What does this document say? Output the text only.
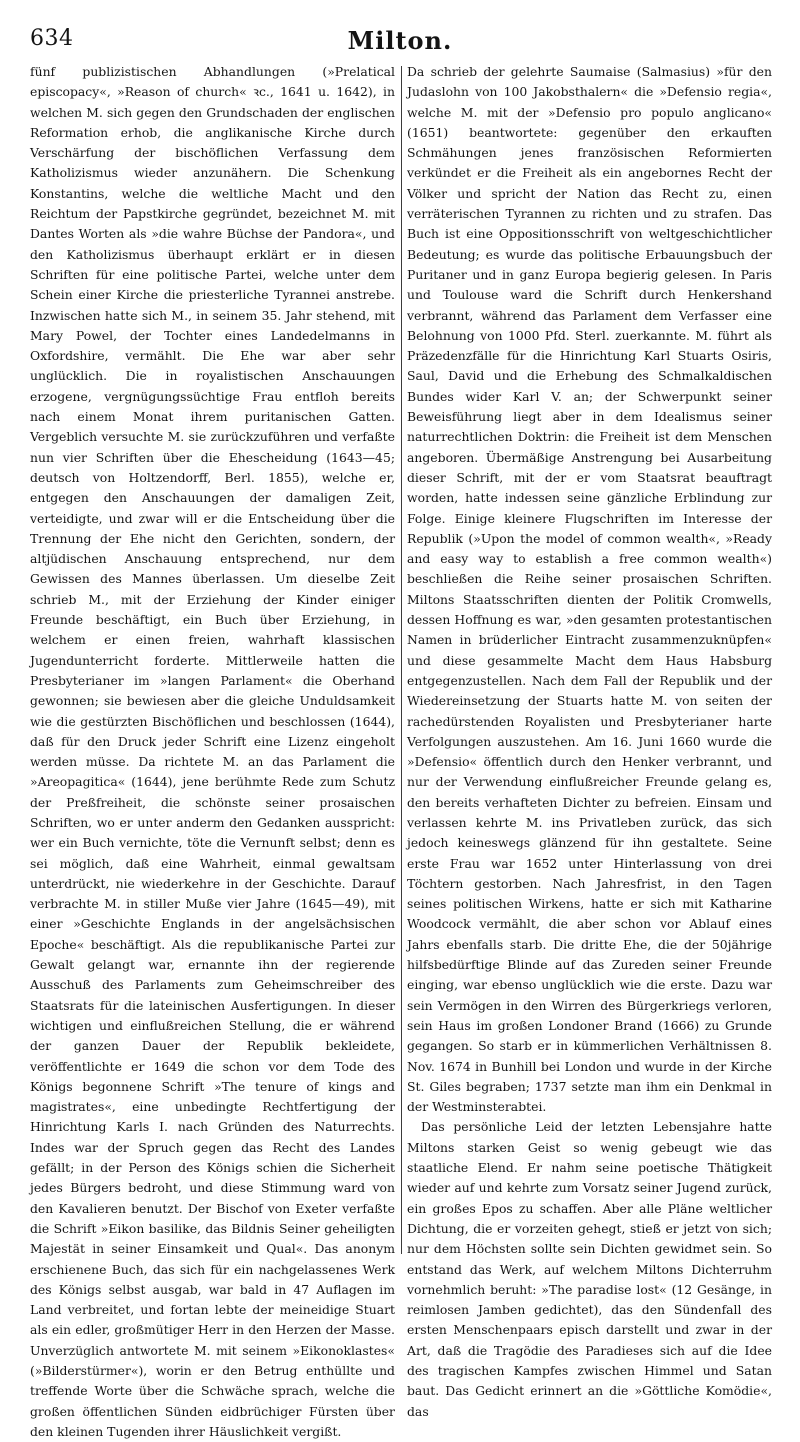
634	Milton.

fünf publizistischen Abhandlungen (»Prelatical episcopacy«, »Reason of church« ꝛc., 1641 u. 1642), in welchen M. sich gegen den Grundschaden der englischen Reformation erhob, die anglikanische Kirche durch Verschärfung der bischöflichen Verfassung dem Katholizismus wieder anzunähern. Die Schenkung Konstantins, welche die weltliche Macht und den Reichtum der Papstkirche gegründet, bezeichnet M. mit Dantes Worten als »die wahre Büchse der Pandora«, und den Katholizismus überhaupt erklärt er in diesen Schriften für eine politische Partei, welche unter dem Schein einer Kirche die priesterliche Tyrannei anstrebe. Inzwischen hatte sich M., in seinem 35. Jahr stehend, mit Mary Powel, der Tochter eines Landedelmanns in Oxfordshire, vermählt. Die Ehe war aber sehr unglücklich. Die in royalistischen Anschauungen erzogene, vergnügungssüchtige Frau entfloh bereits nach einem Monat ihrem puritanischen Gatten. Vergeblich versuchte M. sie zurückzuführen und verfaßte nun vier Schriften über die Ehescheidung (1643—45; deutsch von Holtzendorff, Berl. 1855), welche er, entgegen den Anschauungen der damaligen Zeit, verteidigte, und zwar will er die Entscheidung über die Trennung der Ehe nicht den Gerichten, sondern, der altjüdischen Anschauung entsprechend, nur dem Gewissen des Mannes überlassen. Um dieselbe Zeit schrieb M., mit der Erziehung der Kinder einiger Freunde beschäftigt, ein Buch über Erziehung, in welchem er einen freien, wahrhaft klassischen Jugendunterricht forderte. Mittlerweile hatten die Presbyterianer im »langen Parlament« die Oberhand gewonnen; sie bewiesen aber die gleiche Unduldsamkeit wie die gestürzten Bischöflichen und beschlossen (1644), daß für den Druck jeder Schrift eine Lizenz eingeholt werden müsse. Da richtete M. an das Parlament die »Areopagitica« (1644), jene berühmte Rede zum Schutz der Preßfreiheit, die schönste seiner prosaischen Schriften, wo er unter anderm den Gedanken ausspricht: wer ein Buch vernichte, töte die Vernunft selbst; denn es sei möglich, daß eine Wahrheit, einmal gewaltsam unterdrückt, nie wiederkehre in der Geschichte. Darauf verbrachte M. in stiller Muße vier Jahre (1645—49), mit einer »Geschichte Englands in der angelsächsischen Epoche« beschäftigt. Als die republikanische Partei zur Gewalt gelangt war, ernannte ihn der regierende Ausschuß des Parlaments zum Geheimschreiber des Staatsrats für die lateinischen Ausfertigungen. In dieser wichtigen und einflußreichen Stellung, die er während der ganzen Dauer der Republik bekleidete, veröffentlichte er 1649 die schon vor dem Tode des Königs begonnene Schrift »The tenure of kings and magistrates«, eine unbedingte Rechtfertigung der Hinrichtung Karls I. nach Gründen des Naturrechts. Indes war der Spruch gegen das Recht des Landes gefällt; in der Person des Königs schien die Sicherheit jedes Bürgers bedroht, und diese Stimmung ward von den Kavalieren benutzt. Der Bischof von Exeter verfaßte die Schrift »Eikon basilike, das Bildnis Seiner geheiligten Majestät in seiner Einsamkeit und Qual«. Das anonym erschienene Buch, das sich für ein nachgelassenes Werk des Königs selbst ausgab, war bald in 47 Auflagen im Land verbreitet, und fortan lebte der meineidige Stuart als ein edler, großmütiger Herr in den Herzen der Masse. Unverzüglich antwortete M. mit seinem »Eikonoklastes« (»Bilderstürmer«), worin er den Betrug enthüllte und treffende Worte über die Schwäche sprach, welche die großen öffentlichen Sünden eidbrüchiger Fürsten über den kleinen Tugenden ihrer Häuslichkeit vergißt.

Da schrieb der gelehrte Saumaise (Salmasius) »für den Judaslohn von 100 Jakobsthalern« die »Defensio regia«, welche M. mit der »Defensio pro populo anglicano« (1651) beantwortete: gegenüber den erkauften Schmähungen jenes französischen Reformierten verkündet er die Freiheit als ein angebornes Recht der Völker und spricht der Nation das Recht zu, einen verräterischen Tyrannen zu richten und zu strafen. Das Buch ist eine Oppositionsschrift von weltgeschichtlicher Bedeutung; es wurde das politische Erbauungsbuch der Puritaner und in ganz Europa begierig gelesen. In Paris und Toulouse ward die Schrift durch Henkershand verbrannt, während das Parlament dem Verfasser eine Belohnung von 1000 Pfd. Sterl. zuerkannte. M. führt als Präzedenzfälle für die Hinrichtung Karl Stuarts Osiris, Saul, David und die Erhebung des Schmalkaldischen Bundes wider Karl V. an; der Schwerpunkt seiner Beweisführung liegt aber in dem Idealismus seiner naturrechtlichen Doktrin: die Freiheit ist dem Menschen angeboren. Übermäßige Anstrengung bei Ausarbeitung dieser Schrift, mit der er vom Staatsrat beauftragt worden, hatte indessen seine gänzliche Erblindung zur Folge. Einige kleinere Flugschriften im Interesse der Republik (»Upon the model of common wealth«, »Ready and easy way to establish a free common wealth«) beschließen die Reihe seiner prosaischen Schriften. Miltons Staatsschriften dienten der Politik Cromwells, dessen Hoffnung es war, »den gesamten protestantischen Namen in brüderlicher Eintracht zusammenzuknüpfen« und diese gesammelte Macht dem Haus Habsburg entgegenzustellen. Nach dem Fall der Republik und der Wiedereinsetzung der Stuarts hatte M. von seiten der rachedürstenden Royalisten und Presbyterianer harte Verfolgungen auszustehen. Am 16. Juni 1660 wurde die »Defensio« öffentlich durch den Henker verbrannt, und nur der Verwendung einflußreicher Freunde gelang es, den bereits verhafteten Dichter zu befreien. Einsam und verlassen kehrte M. ins Privatleben zurück, das sich jedoch keineswegs glänzend für ihn gestaltete. Seine erste Frau war 1652 unter Hinterlassung von drei Töchtern gestorben. Nach Jahresfrist, in den Tagen seines politischen Wirkens, hatte er sich mit Katharine Woodcock vermählt, die aber schon vor Ablauf eines Jahrs ebenfalls starb. Die dritte Ehe, die der 50jährige hilfsbedürftige Blinde auf das Zureden seiner Freunde einging, war ebenso unglücklich wie die erste. Dazu war sein Vermögen in den Wirren des Bürgerkriegs verloren, sein Haus im großen Londoner Brand (1666) zu Grunde gegangen. So starb er in kümmerlichen Verhältnissen 8. Nov. 1674 in Bunhill bei London und wurde in der Kirche St. Giles begraben; 1737 setzte man ihm ein Denkmal in der Westminsterabtei.

Das persönliche Leid der letzten Lebensjahre hatte Miltons starken Geist so wenig gebeugt wie das staatliche Elend. Er nahm seine poetische Thätigkeit wieder auf und kehrte zum Vorsatz seiner Jugend zurück, ein großes Epos zu schaffen. Aber alle Pläne weltlicher Dichtung, die er vorzeiten gehegt, stieß er jetzt von sich; nur dem Höchsten sollte sein Dichten gewidmet sein. So entstand das Werk, auf welchem Miltons Dichterruhm vornehmlich beruht: »The paradise lost« (12 Gesänge, in reimlosen Jamben gedichtet), das den Sündenfall des ersten Menschenpaars episch darstellt und zwar in der Art, daß die Tragödie des Paradieses sich auf die Idee des tragischen Kampfes zwischen Himmel und Satan baut. Das Gedicht erinnert an die »Göttliche Komödie«, das
